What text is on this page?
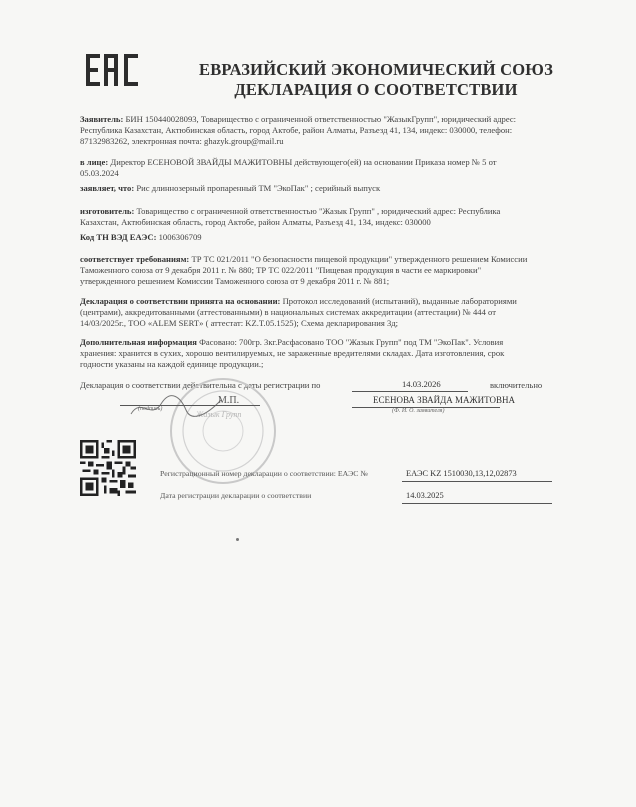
ЕВРАЗИЙСКИЙ ЭКОНОМИЧЕСКИЙ СОЮЗ
ДЕКЛАРАЦИЯ О СООТВЕТСТВИИ
Заявитель: БИН 150440028093, Товарищество с ограниченной ответственностью "ЖазыкГрупп", юридический адрес:
Республика Казахстан, Актюбинская область, город Актобе, район Алматы, Разъезд 41, 134, индекс: 030000, телефон:
87132983262, электронная почта: ghazyk.group@mail.ru
в лице: Директор ЕСЕНОВОЙ ЗВАЙДЫ МАЖИТОВНЫ действующего(ей) на основании Приказа номер № 5 от
05.03.2024
заявляет, что: Рис длиннозерный пропаренный ТМ "ЭкоПак" ; серийный выпуск
изготовитель: Товарищество с ограниченной ответственностью "Жазык Групп" , юридический адрес: Республика
Казахстан, Актюбинская область, город Актобе, район Алматы, Разъезд 41, 134, индекс: 030000
Код ТН ВЭД ЕАЭС: 1006306709
соответствует требованиям: ТР ТС 021/2011 "О безопасности пищевой продукции" утвержденного решением Комиссии
Таможенного союза от 9 декабря 2011 г. № 880; ТР ТС 022/2011 "Пищевая продукция в части ее маркировки"
утвержденного решением Комиссии Таможенного союза от 9 декабря 2011 г. № 881;
Декларация о соответствии принята на основании: Протокол исследований (испытаний), выданные лабораториями
(центрами), аккредитованными (аттестованными) в национальных системах аккредитации (аттестации) № 444 от
14/03/2025г., ТОО «ALEM SERT» ( аттестат: KZ.T.05.1525); Схема декларирования 3д;
Дополнительная информация Фасовано: 700гр. 3кг.Расфасовано ТОО "Жазык Групп" под ТМ "ЭкоПак". Условия
хранения: хранится в сухих, хорошо вентилируемых, не зараженные вредителями складах. Дата изготовления, срок
годности указаны на каждой единице продукции.;
Декларация о соответствии действительна с даты регистрации по	14.03.2026	включительно
Жазык Групп
(подпись)
М.П.	ЕСЕНОВА ЗВАЙДА МАЖИТОВНА
(Ф. И. О. заявителя)
Регистрационный номер декларации о соответствии: ЕАЭС №	ЕАЭС KZ 1510030,13,12,02873
Дата регистрации декларации о соответствии	14.03.2025
